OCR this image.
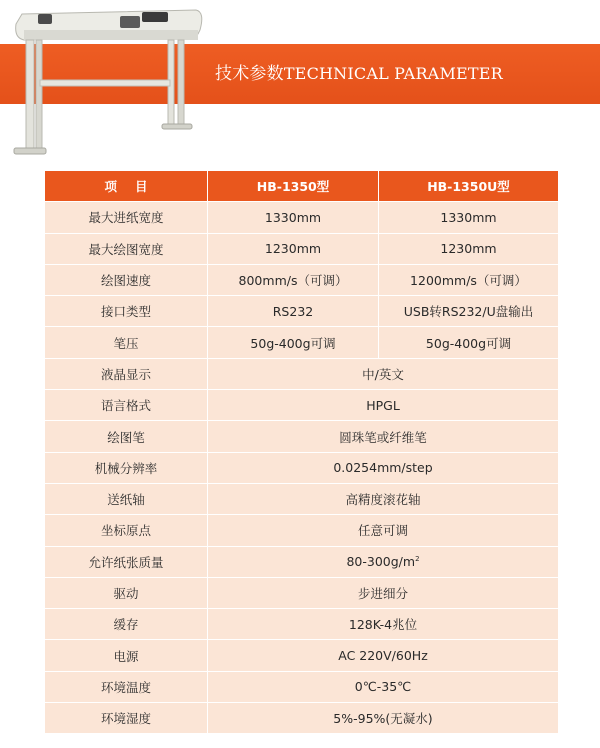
技术参数TECHNICAL PARAMETER
项目	HB-1350型	HB-1350U型
最大进纸宽度	1330mm	1330mm
最大绘图宽度	1230mm	1230mm
绘图速度	800mm/s（可调）	1200mm/s（可调）
接口类型	RS232	USB转RS232/U盘输出
笔压	50g-400g可调	50g-400g可调
液晶显示	中/英文	
语言格式	HPGL	
绘图笔	圆珠笔或纤维笔	
机械分辨率	0.0254mm/step	
送纸轴	高精度滚花轴	
坐标原点	任意可调	
允许纸张质量	$80-300g/m^2$
驱动	步进细分	
缓存	128K-4兆位	
电源	AC 220V/60Hz	
环境温度	0℃-35℃	
环境湿度	5%-95%(无凝水)	
